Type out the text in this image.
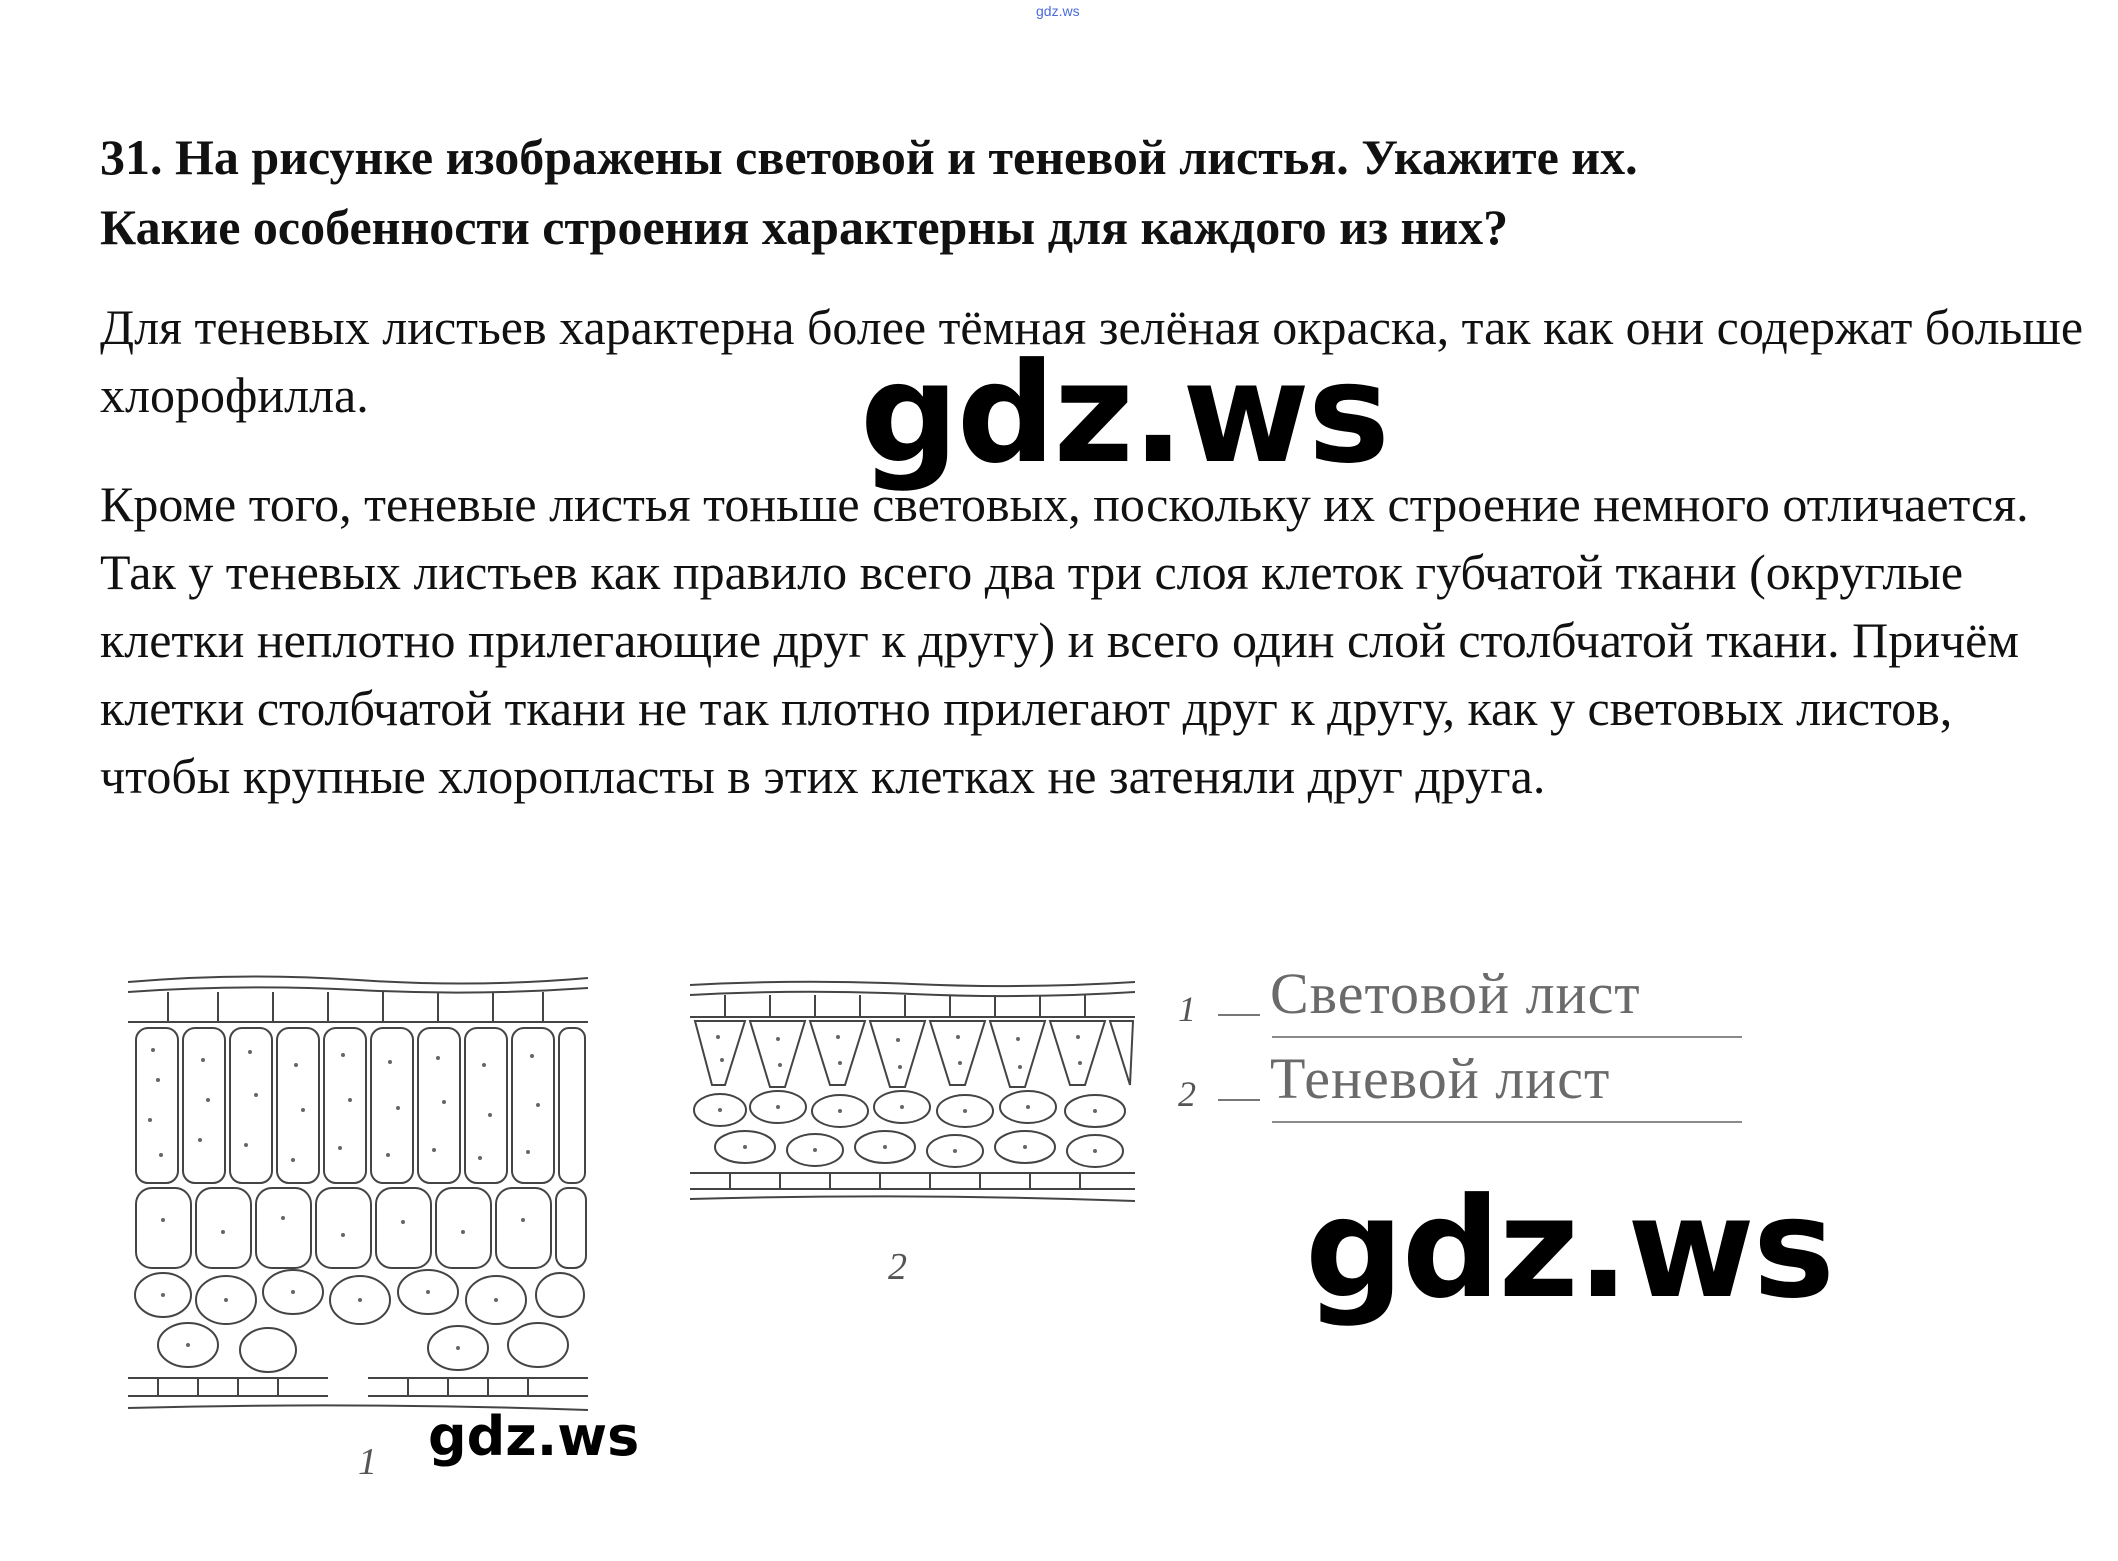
gdz.ws
31. На рисунке изображены световой и теневой листья. Укажите их.
Какие особенности строения характерны для каждого из них?
Для теневых листьев характерна более тёмная зелёная окраска, так как они содержат больше хлорофилла.
Кроме того, теневые листья тоньше световых, поскольку их строение немного отличается. Так у теневых листьев как правило всего два три слоя клеток губчатой ткани (округлые клетки неплотно прилегающие друг к другу) и всего один слой столбчатой ткани. Причём клетки столбчатой ткани не так плотно прилегают друг к другу, как у световых листов, чтобы крупные хлоропласты в этих клетках не затеняли друг друга.
gdz.ws
1 gdz.ws
2
1 Световой лист
2 Теневой лист
gdz.ws
